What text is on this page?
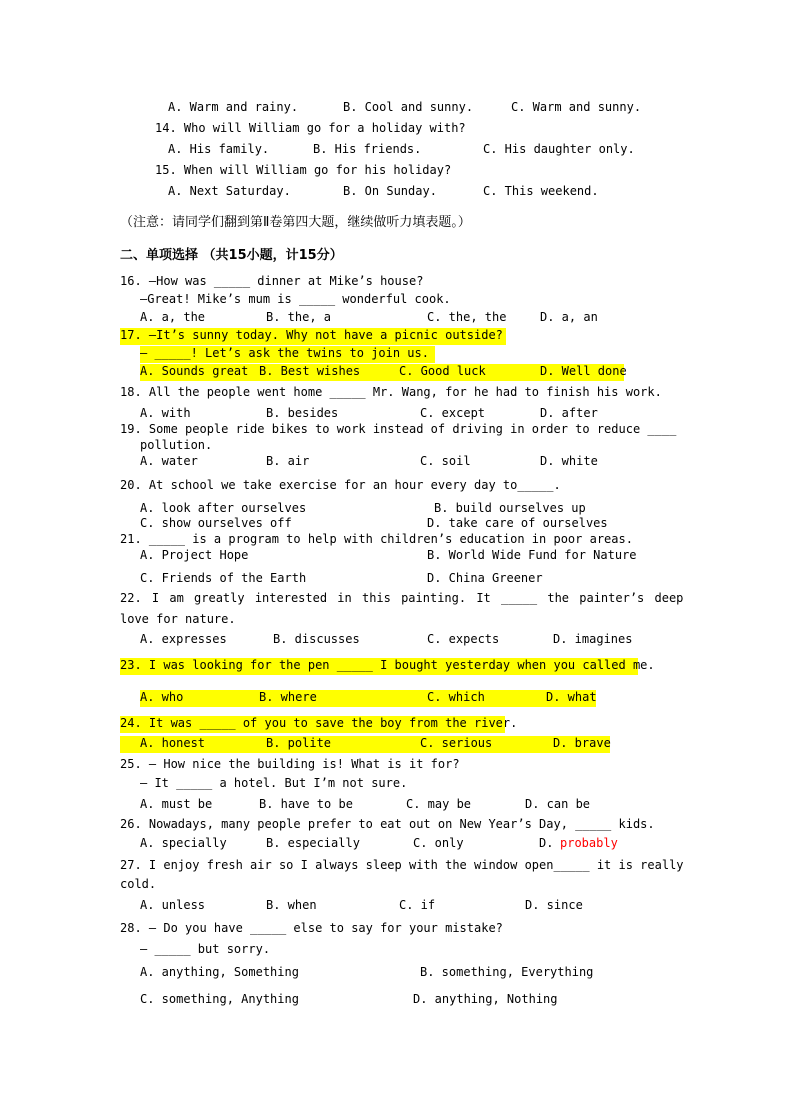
A. Warm and rainy.	B. Cool and sunny.	C. Warm and sunny.
14. Who will William go for a holiday with?
A. His family.	B. His friends.	C. His daughter only.
15. When will William go for his holiday?
A. Next Saturday.	B. On Sunday.	C. This weekend.
（注意：请同学们翻到第Ⅱ卷第四大题，继续做听力填表题。）
二、单项选择 （共15小题，计15分）
16. —How was _____ dinner at Mike’s house?
—Great! Mike’s mum is _____ wonderful cook.
A. a, the	B. the, a	C. the, the	D. a, an
17. —It’s sunny today. Why not have a picnic outside?
— _____! Let’s ask the twins to join us.
A. Sounds great B. Best wishes	C. Good luck	D. Well done
18. All the people went home _____ Mr. Wang, for he had to finish his work.
A. with	B. besides	C. except	D. after
19. Some people ride bikes to work instead of driving in order to reduce ____
pollution.
A. water	B. air	C. soil	D. white
20. At school we take exercise for an hour every day to_____.
A. look after ourselves	B. build ourselves up
C. show ourselves off	D. take care of ourselves
21. _____ is a program to help with children’s education in poor areas.
A. Project Hope	B. World Wide Fund for Nature
C. Friends of the Earth	D. China Greener
22. I am greatly interested in this painting. It _____ the painter’s deep
love for nature.
A. expresses	B. discusses	C. expects	D. imagines
23. I was looking for the pen _____ I bought yesterday when you called me.
A. who	B. where	C. which	D. what
24. It was _____ of you to save the boy from the river.
A. honest	B. polite	C. serious	D. brave
25. — How nice the building is! What is it for?
— It _____ a hotel. But I’m not sure.
A. must be	B. have to be	C. may be	D. can be
26. Nowadays, many people prefer to eat out on New Year’s Day, _____ kids.
A. specially	B. especially	C. only	D. probably
27. I enjoy fresh air so I always sleep with the window open_____ it is really
cold.
A. unless	B. when	C. if	D. since
28. — Do you have _____ else to say for your mistake?
— _____ but sorry.
A. anything, Something	B. something, Everything
C. something, Anything	D. anything, Nothing
